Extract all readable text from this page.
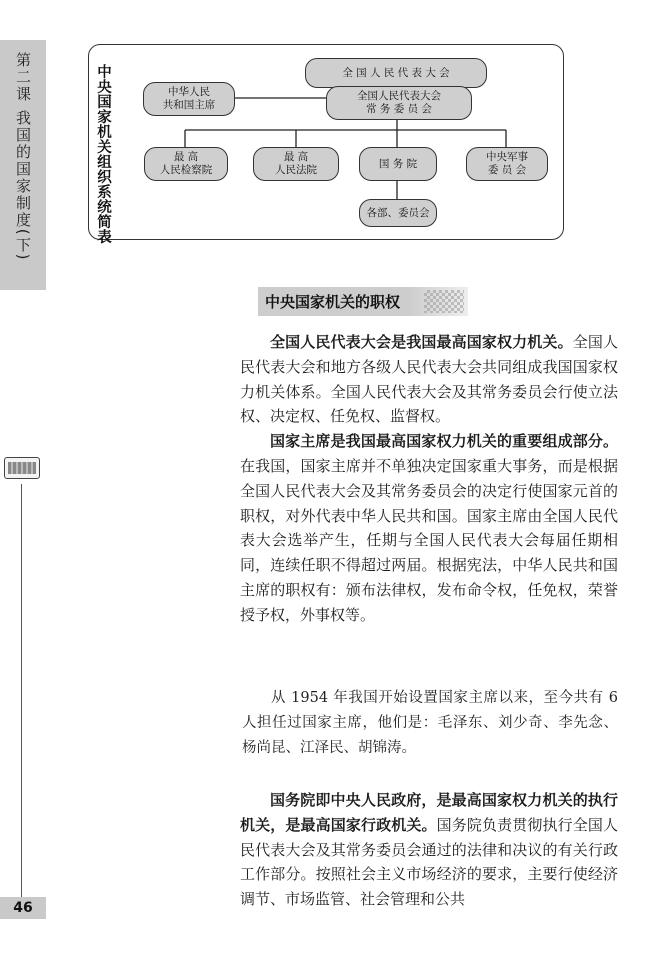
第二课 我国的国家制度(下)
46
中央国家机关组织系统简表	全 国 人 民 代 表 大 会
中华人民
共和国主席
全国人民代表大会
常 务 委 员 会
最 高
人民检察院
最 高
人民法院
国 务 院
中央军事
委 员 会
各部、委员会
中央国家机关的职权

全国人民代表大会是我国最高国家权力机关。全国人民代表大会和地方各级人民代表大会共同组成我国国家权力机关体系。全国人民代表大会及其常务委员会行使立法权、决定权、任免权、监督权。

国家主席是我国最高国家权力机关的重要组成部分。在我国，国家主席并不单独决定国家重大事务，而是根据全国人民代表大会及其常务委员会的决定行使国家元首的职权，对外代表中华人民共和国。国家主席由全国人民代表大会选举产生，任期与全国人民代表大会每届任期相同，连续任职不得超过两届。根据宪法，中华人民共和国主席的职权有：颁布法律权，发布命令权，任免权，荣誉授予权，外事权等。

从 1954 年我国开始设置国家主席以来，至今共有 6 人担任过国家主席，他们是：毛泽东、刘少奇、李先念、杨尚昆、江泽民、胡锦涛。

国务院即中央人民政府，是最高国家权力机关的执行机关，是最高国家行政机关。国务院负责贯彻执行全国人民代表大会及其常务委员会通过的法律和决议的有关行政工作部分。按照社会主义市场经济的要求，主要行使经济调节、市场监管、社会管理和公共
